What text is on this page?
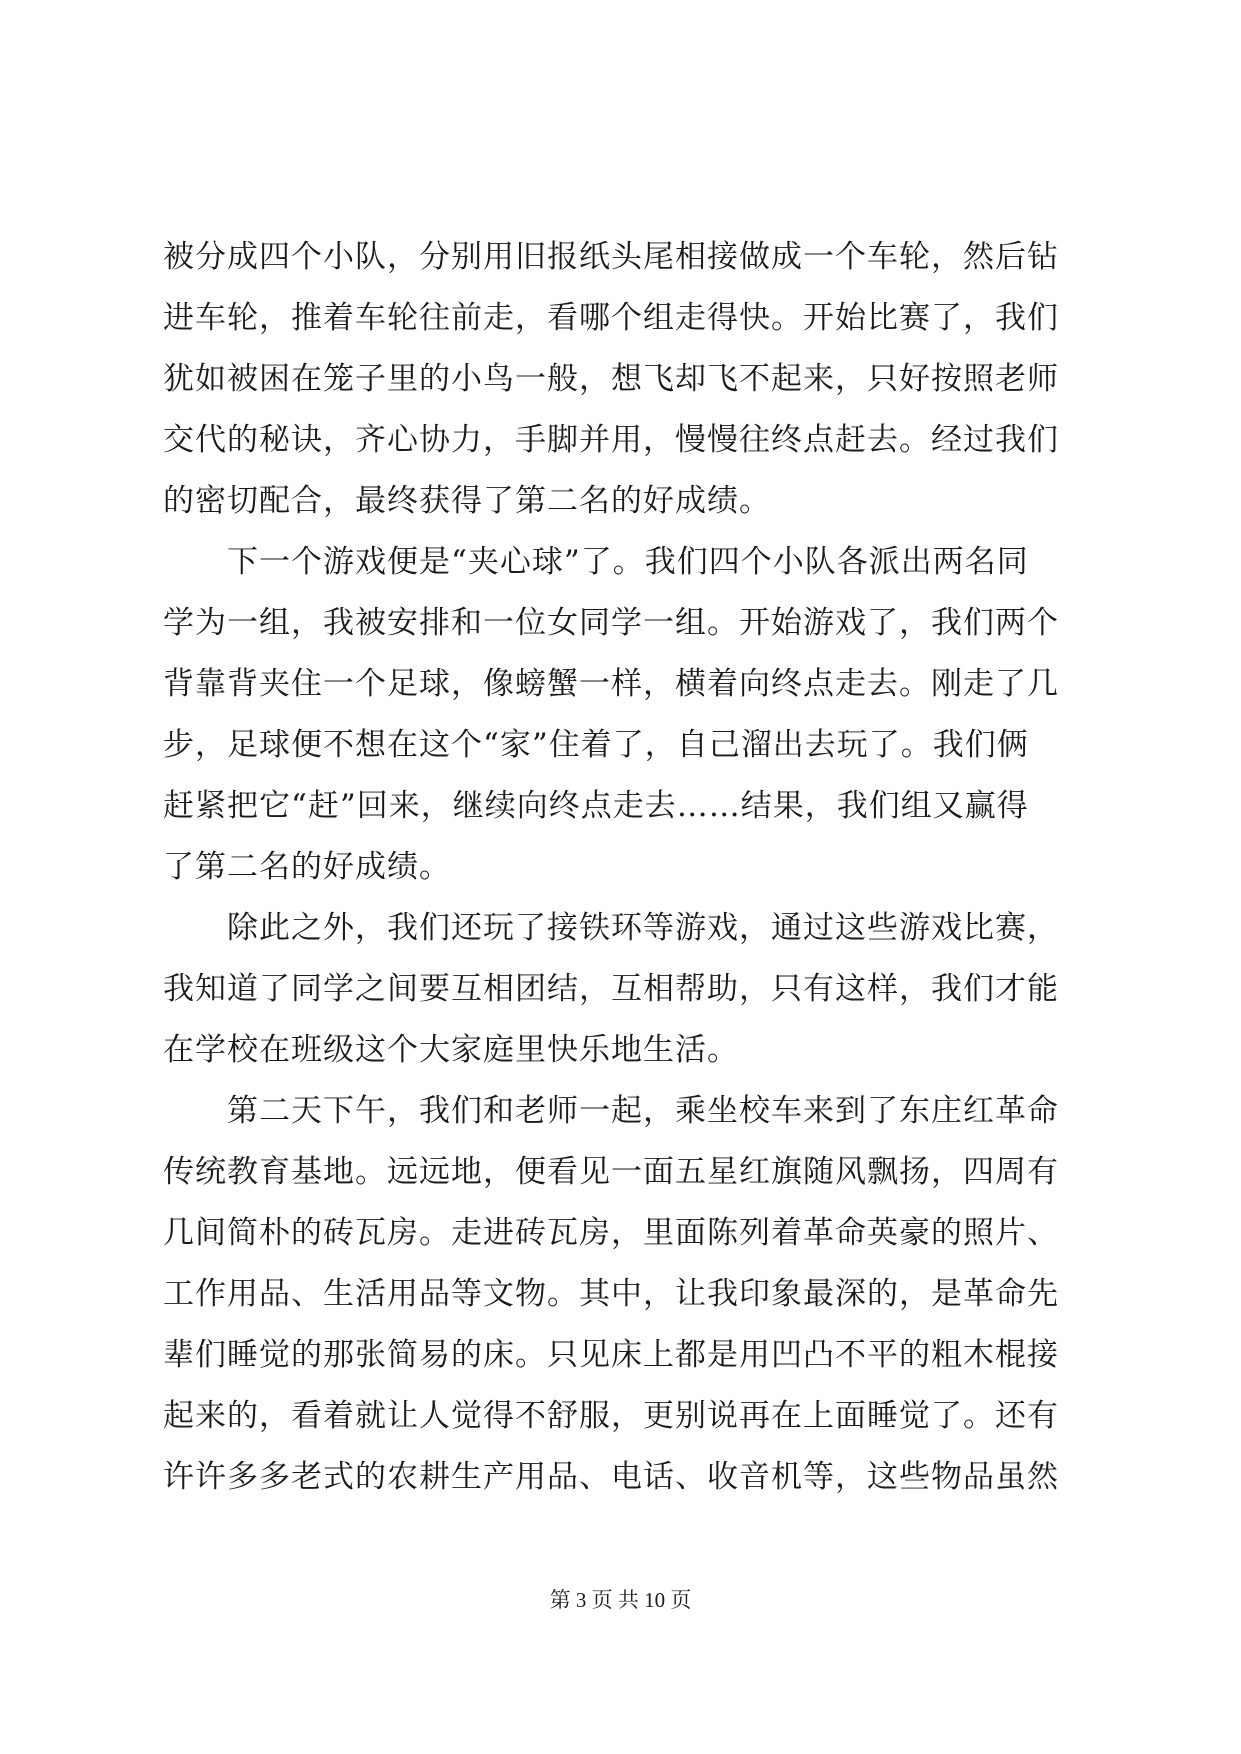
被分成四个小队，分别用旧报纸头尾相接做成一个车轮，然后钻
进车轮，推着车轮往前走，看哪个组走得快。开始比赛了，我们
犹如被困在笼子里的小鸟一般，想飞却飞不起来，只好按照老师
交代的秘诀，齐心协力，手脚并用，慢慢往终点赶去。经过我们
的密切配合，最终获得了第二名的好成绩。
　　下一个游戏便是“夹心球”了。我们四个小队各派出两名同
学为一组，我被安排和一位女同学一组。开始游戏了，我们两个
背靠背夹住一个足球，像螃蟹一样，横着向终点走去。刚走了几
步，足球便不想在这个“家”住着了，自己溜出去玩了。我们俩
赶紧把它“赶”回来，继续向终点走去……结果，我们组又赢得
了第二名的好成绩。
　　除此之外，我们还玩了接铁环等游戏，通过这些游戏比赛，
我知道了同学之间要互相团结，互相帮助，只有这样，我们才能
在学校在班级这个大家庭里快乐地生活。
　　第二天下午，我们和老师一起，乘坐校车来到了东庄红革命
传统教育基地。远远地，便看见一面五星红旗随风飘扬，四周有
几间简朴的砖瓦房。走进砖瓦房，里面陈列着革命英豪的照片、
工作用品、生活用品等文物。其中，让我印象最深的，是革命先
辈们睡觉的那张简易的床。只见床上都是用凹凸不平的粗木棍接
起来的，看着就让人觉得不舒服，更别说再在上面睡觉了。还有
许许多多老式的农耕生产用品、电话、收音机等，这些物品虽然
第 3 页 共 10 页
